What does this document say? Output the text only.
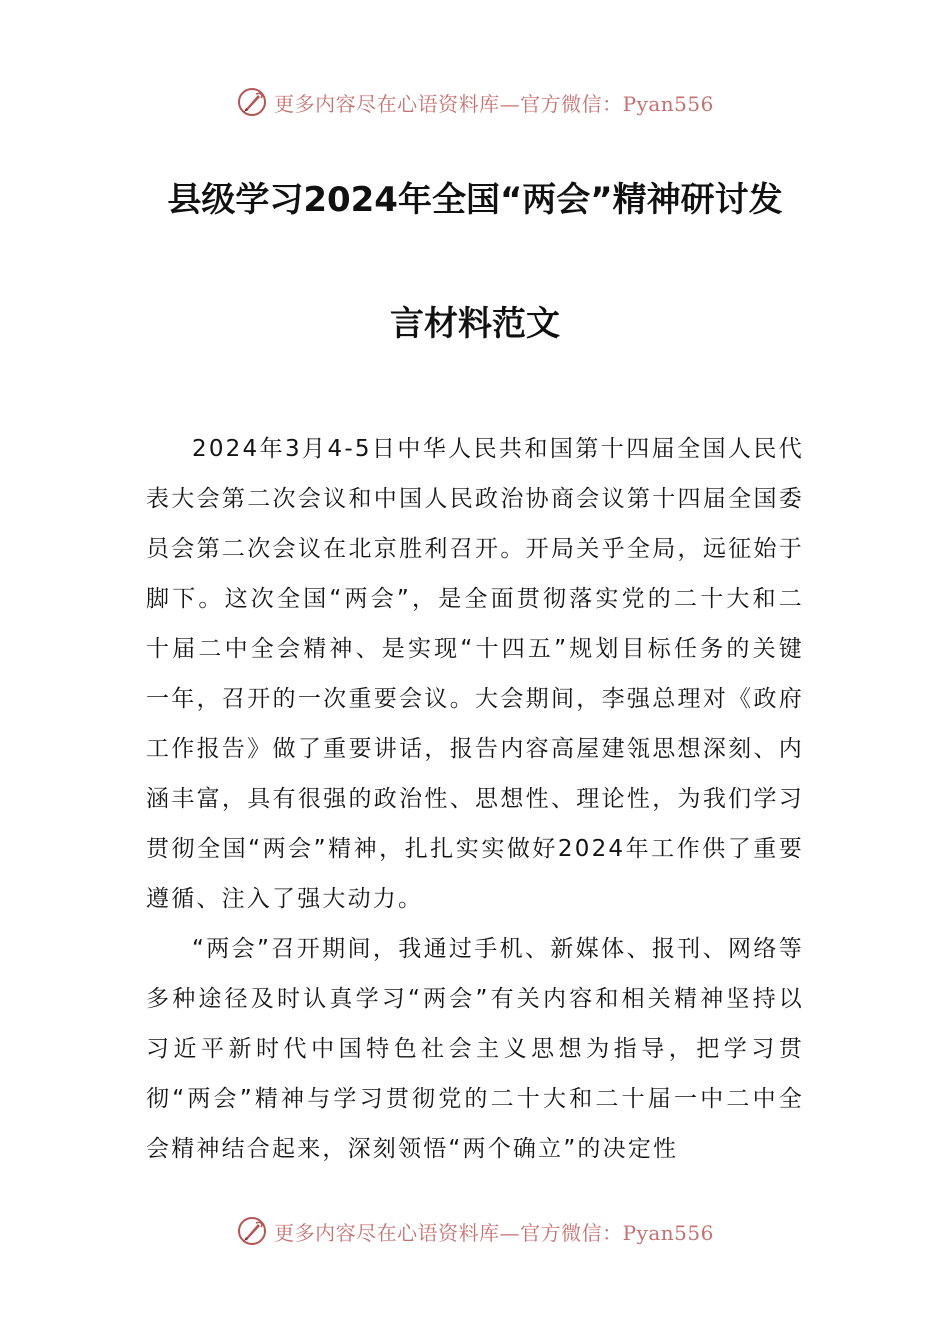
更多内容尽在心语资料库—官方微信：Pyan556
县级学习2024年全国“两会”精神研讨发
言材料范文

2024年3月4-5日中华人民共和国第十四届全国人民代表大会第二次会议和中国人民政治协商会议第十四届全国委员会第二次会议在北京胜利召开。开局关乎全局，远征始于脚下。这次全国“两会”，是全面贯彻落实党的二十大和二十届二中全会精神、是实现“十四五”规划目标任务的关键一年，召开的一次重要会议。大会期间，李强总理对《政府工作报告》做了重要讲话，报告内容高屋建瓴思想深刻、内涵丰富，具有很强的政治性、思想性、理论性，为我们学习贯彻全国“两会”精神，扎扎实实做好2024年工作供了重要遵循、注入了强大动力。

“两会”召开期间，我通过手机、新媒体、报刊、网络等多种途径及时认真学习“两会”有关内容和相关精神坚持以习近平新时代中国特色社会主义思想为指导，把学习贯彻“两会”精神与学习贯彻党的二十大和二十届一中二中全会精神结合起来，深刻领悟“两个确立”的决定性

更多内容尽在心语资料库—官方微信：Pyan556
